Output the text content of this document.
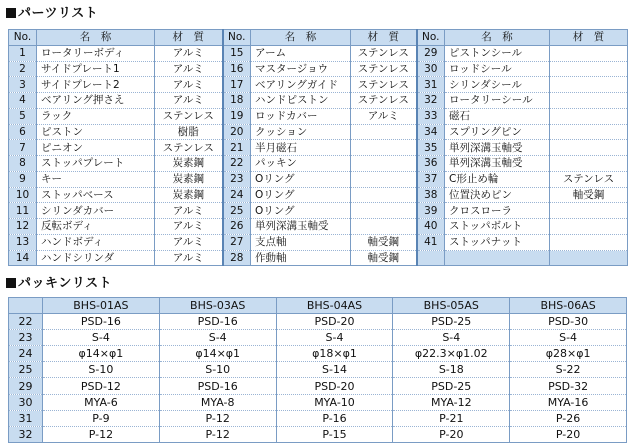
パーツリスト
No.	名　称	材　質	No.	名　称	材　質	No.	名　称	材　質
1	ロータリーボディ	アルミ	15	アーム	ステンレス	29	ピストンシール	
2	サイドプレート1	アルミ	16	マスタージョウ	ステンレス	30	ロッドシール	
3	サイドプレート2	アルミ	17	ベアリングガイド	ステンレス	31	シリンダシール	
4	ベアリング押さえ	アルミ	18	ハンドピストン	ステンレス	32	ロータリーシール	
5	ラック	ステンレス	19	ロッドカバー	アルミ	33	磁石	
6	ピストン	樹脂	20	クッション		34	スプリングピン	
7	ピニオン	ステンレス	21	半月磁石		35	単列深溝玉軸受	
8	ストッパプレート	炭素鋼	22	パッキン		36	単列深溝玉軸受	
9	キー	炭素鋼	23	Oリング		37	C形止め輪	ステンレス
10	ストッパベース	炭素鋼	24	Oリング		38	位置決めピン	軸受鋼
11	シリンダカバー	アルミ	25	Oリング		39	クロスローラ	
12	反転ボディ	アルミ	26	単列深溝玉軸受		40	ストッパボルト	
13	ハンドボディ	アルミ	27	支点軸	軸受鋼	41	ストッパナット	
14	ハンドシリンダ	アルミ	28	作動軸	軸受鋼			
パッキンリスト
	BHS-01AS	BHS-03AS	BHS-04AS	BHS-05AS	BHS-06AS
22	PSD-16	PSD-16	PSD-20	PSD-25	PSD-30
23	S-4	S-4	S-4	S-4	S-4
24	φ14×φ1	φ14×φ1	φ18×φ1	φ22.3×φ1.02	φ28×φ1
25	S-10	S-10	S-14	S-18	S-22
29	PSD-12	PSD-16	PSD-20	PSD-25	PSD-32
30	MYA-6	MYA-8	MYA-10	MYA-12	MYA-16
31	P-9	P-12	P-16	P-21	P-26
32	P-12	P-12	P-15	P-20	P-20
